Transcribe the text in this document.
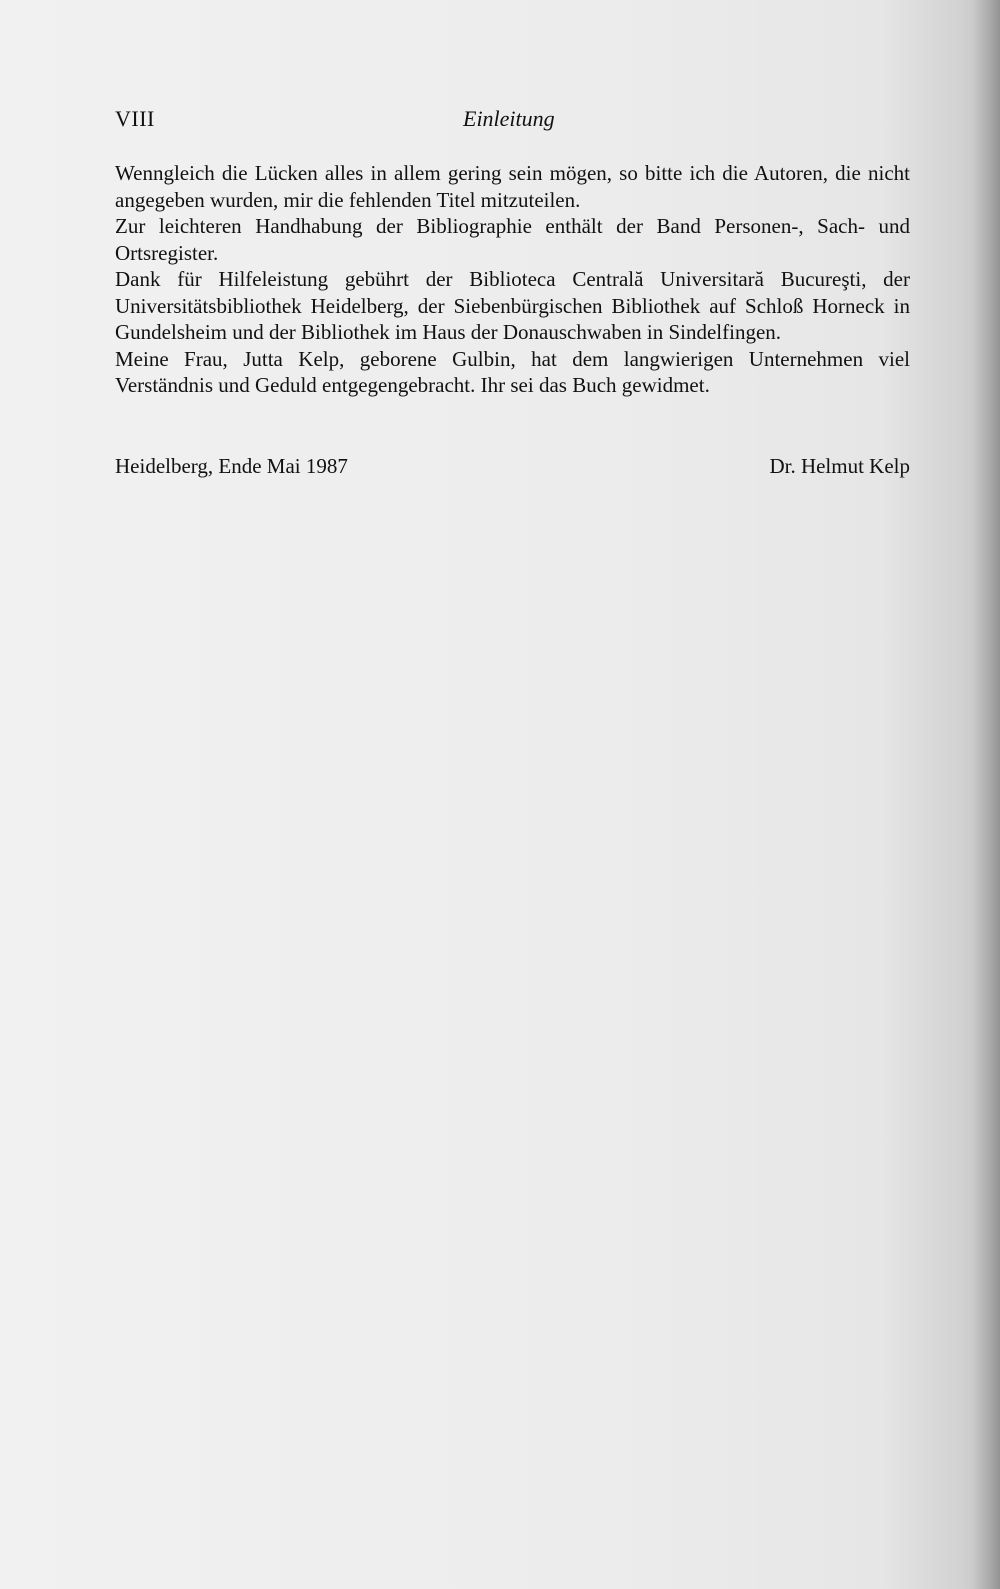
VIII	Einleitung

Wenngleich die Lücken alles in allem gering sein mögen, so bitte ich die Autoren, die nicht angegeben wurden, mir die fehlenden Titel mitzuteilen.

Zur leichteren Handhabung der Bibliographie enthält der Band Personen-, Sach- und Ortsregister.

Dank für Hilfeleistung gebührt der Biblioteca Centrală Universitară Bucureşti, der Universitätsbibliothek Heidelberg, der Siebenbürgischen Bibliothek auf Schloß Horneck in Gundelsheim und der Bibliothek im Haus der Donauschwaben in Sindelfingen.

Meine Frau, Jutta Kelp, geborene Gulbin, hat dem langwierigen Unternehmen viel Verständnis und Geduld entgegengebracht. Ihr sei das Buch gewidmet.

Heidelberg, Ende Mai 1987	Dr. Helmut Kelp
